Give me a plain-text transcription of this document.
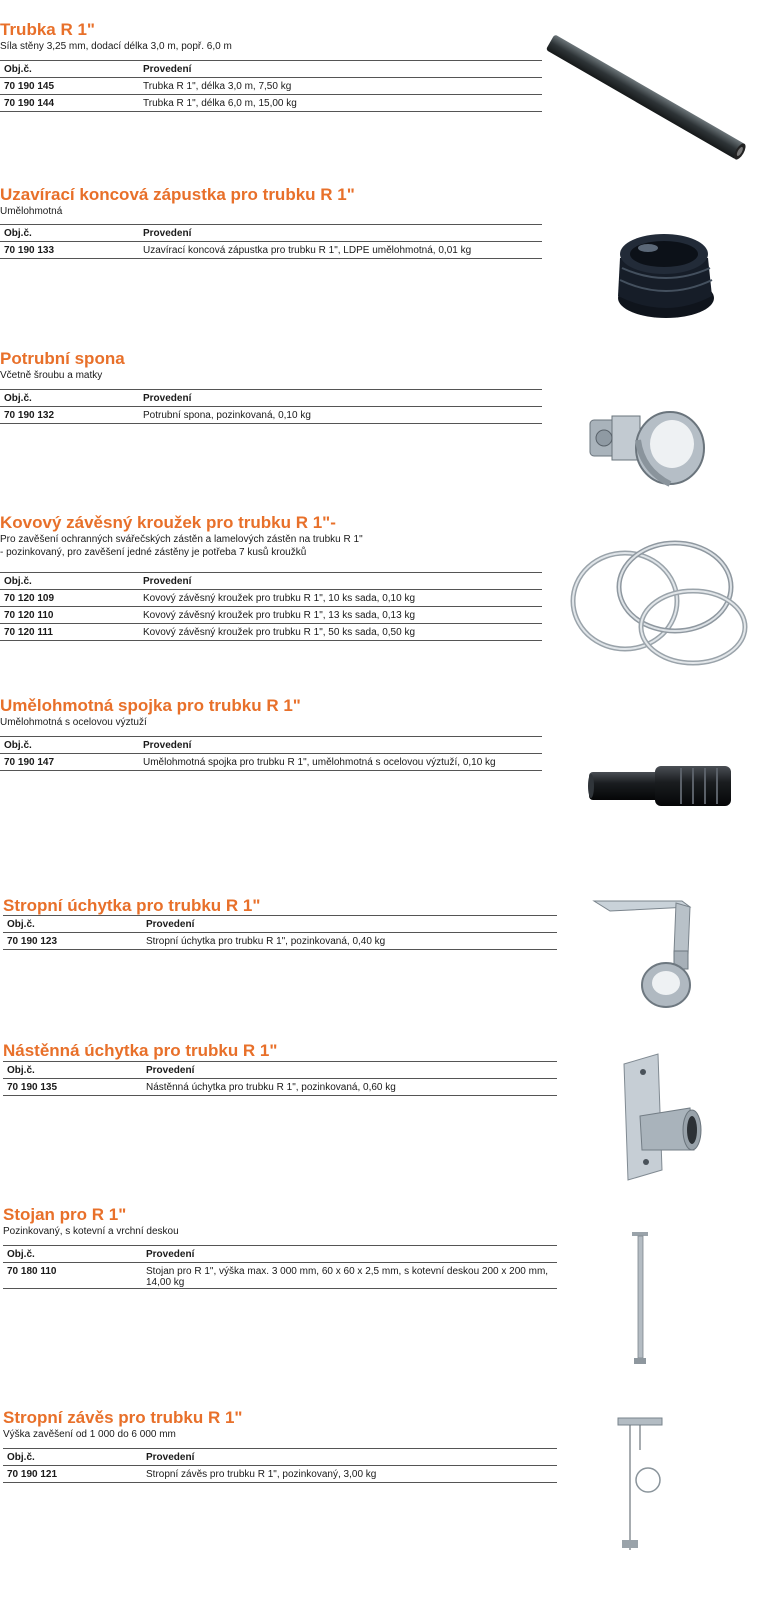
Trubka R 1"
Síla stěny 3,25 mm, dodací délka 3,0 m, popř. 6,0 m
Obj.č.	Provedení
70 190 145	Trubka R 1", délka 3,0 m, 7,50 kg
70 190 144	Trubka R 1", délka 6,0 m, 15,00 kg
Uzavírací koncová zápustka pro trubku R 1"
Umělohmotná
Obj.č.	Provedení
70 190 133	Uzavírací koncová zápustka pro trubku R 1", LDPE umělohmotná, 0,01 kg
Potrubní spona
Včetně šroubu a matky
Obj.č.	Provedení
70 190 132	Potrubní spona, pozinkovaná, 0,10 kg
Kovový závěsný kroužek pro trubku R 1"-
Pro zavěšení ochranných svářečských zástěn a lamelových zástěn na trubku R 1"
- pozinkovaný, pro zavěšení jedné zástěny je potřeba 7 kusů kroužků
Obj.č.	Provedení
70 120 109	Kovový závěsný kroužek pro trubku R 1", 10 ks sada, 0,10 kg
70 120 110	Kovový závěsný kroužek pro trubku R 1", 13 ks sada, 0,13 kg
70 120 111	Kovový závěsný kroužek pro trubku R 1", 50 ks sada, 0,50 kg
Umělohmotná spojka pro trubku R 1"
Umělohmotná s ocelovou výztuží
Obj.č.	Provedení
70 190 147	Umělohmotná spojka pro trubku R 1", umělohmotná s ocelovou výztuží, 0,10 kg
Stropní úchytka pro trubku R 1"
Obj.č.	Provedení
70 190 123	Stropní úchytka pro trubku R 1", pozinkovaná, 0,40 kg
Nástěnná úchytka pro trubku R 1"
Obj.č.	Provedení
70 190 135	Nástěnná úchytka pro trubku R 1", pozinkovaná, 0,60 kg
Stojan pro R 1"
Pozinkovaný, s kotevní a vrchní deskou
Obj.č.	Provedení
70 180 110	Stojan pro R 1", výška max. 3 000 mm, 60 x 60 x 2,5 mm, s kotevní deskou 200 x 200 mm, 14,00 kg
Stropní závěs pro trubku R 1"
Výška zavěšení od 1 000 do 6 000 mm
Obj.č.	Provedení
70 190 121	Stropní závěs pro trubku R 1", pozinkovaný, 3,00 kg
